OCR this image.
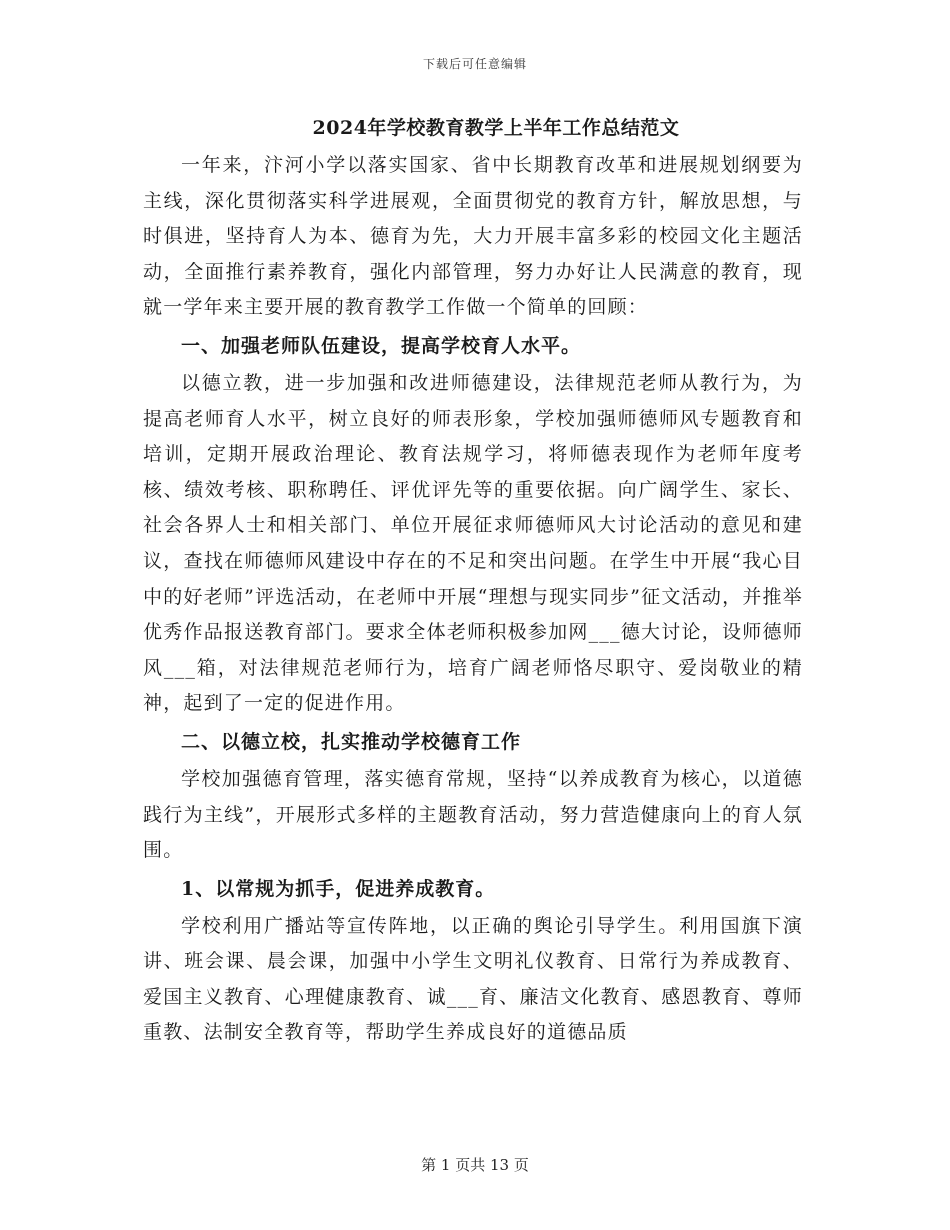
下载后可任意编辑
2024年学校教育教学上半年工作总结范文

一年来，汴河小学以落实国家、省中长期教育改革和进展规划纲要为主线，深化贯彻落实科学进展观，全面贯彻党的教育方针，解放思想，与时俱进，坚持育人为本、德育为先，大力开展丰富多彩的校园文化主题活动，全面推行素养教育，强化内部管理，努力办好让人民满意的教育，现就一学年来主要开展的教育教学工作做一个简单的回顾：

一、加强老师队伍建设，提高学校育人水平。

以德立教，进一步加强和改进师德建设，法律规范老师从教行为，为提高老师育人水平，树立良好的师表形象，学校加强师德师风专题教育和培训，定期开展政治理论、教育法规学习，将师德表现作为老师年度考核、绩效考核、职称聘任、评优评先等的重要依据。向广阔学生、家长、社会各界人士和相关部门、单位开展征求师德师风大讨论活动的意见和建议，查找在师德师风建设中存在的不足和突出问题。在学生中开展“我心目中的好老师”评选活动，在老师中开展“理想与现实同步”征文活动，并推举优秀作品报送教育部门。要求全体老师积极参加网___德大讨论，设师德师风___箱，对法律规范老师行为，培育广阔老师恪尽职守、爱岗敬业的精神，起到了一定的促进作用。

二、以德立校，扎实推动学校德育工作

学校加强德育管理，落实德育常规，坚持“以养成教育为核心，以道德践行为主线”，开展形式多样的主题教育活动，努力营造健康向上的育人氛围。

1、以常规为抓手，促进养成教育。

学校利用广播站等宣传阵地，以正确的舆论引导学生。利用国旗下演讲、班会课、晨会课，加强中小学生文明礼仪教育、日常行为养成教育、爱国主义教育、心理健康教育、诚___育、廉洁文化教育、感恩教育、尊师重教、法制安全教育等，帮助学生养成良好的道德品质

第 1 页共 13 页
